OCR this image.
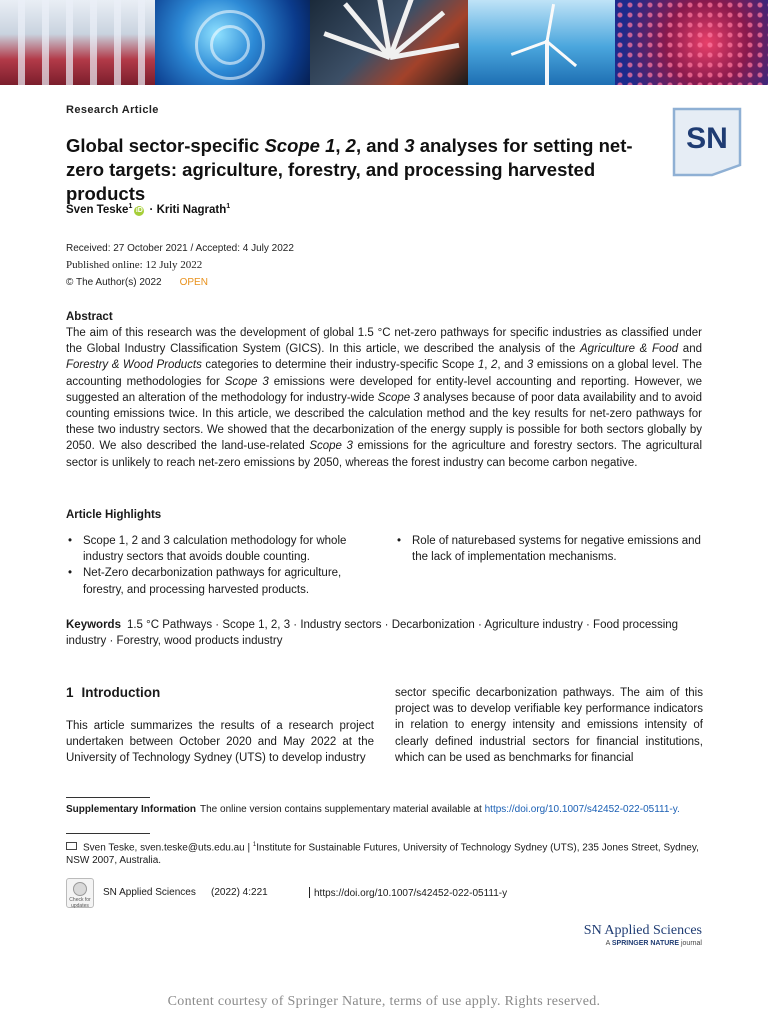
Research Article
Global sector-specific Scope 1, 2, and 3 analyses for setting net-zero targets: agriculture, forestry, and processing harvested products
SN
Sven Teske$^1$iD · Kriti Nagrath$^1$
Received: 27 October 2021 / Accepted: 4 July 2022
Published online: 12 July 2022
© The Author(s) 2022 OPEN
Abstract
The aim of this research was the development of global 1.5 °C net-zero pathways for specific industries as classified under the Global Industry Classification System (GICS). In this article, we described the analysis of the Agriculture & Food and Forestry & Wood Products categories to determine their industry-specific Scope 1, 2, and 3 emissions on a global level. The accounting methodologies for Scope 3 emissions were developed for entity-level accounting and reporting. However, we suggested an alteration of the methodology for industry-wide Scope 3 analyses because of poor data availability and to avoid counting emissions twice. In this article, we described the calculation method and the key results for net-zero pathways for these two industry sectors. We showed that the decarbonization of the energy supply is possible for both sectors globally by 2050. We also described the land-use-related Scope 3 emissions for the agriculture and forestry sectors. The agricultural sector is unlikely to reach net-zero emissions by 2050, whereas the forest industry can become carbon negative.
Article Highlights
• Scope 1, 2 and 3 calculation methodology for whole industry sectors that avoids double counting.
• Net-Zero decarbonization pathways for agriculture, forestry, and processing harvested products.
• Role of naturebased systems for negative emissions and the lack of implementation mechanisms.
Keywords 1.5 °C Pathways · Scope 1, 2, 3 · Industry sectors · Decarbonization · Agriculture industry · Food processing industry · Forestry, wood products industry
1 Introduction
This article summarizes the results of a research project undertaken between October 2020 and May 2022 at the University of Technology Sydney (UTS) to develop industry
sector specific decarbonization pathways. The aim of this project was to develop verifiable key performance indicators in relation to energy intensity and emissions intensity of clearly defined industrial sectors for financial institutions, which can be used as benchmarks for financial
Supplementary Information The online version contains supplementary material available at https://doi.org/10.1007/s42452-022-05111-y.
Sven Teske, sven.teske@uts.edu.au | $^1$Institute for Sustainable Futures, University of Technology Sydney (UTS), 235 Jones Street, Sydney, NSW 2007, Australia.
Check for updates
SN Applied Sciences (2022) 4:221	https://doi.org/10.1007/s42452-022-05111-y
SN Applied Sciences
A SPRINGER NATURE journal
Content courtesy of Springer Nature, terms of use apply. Rights reserved.
